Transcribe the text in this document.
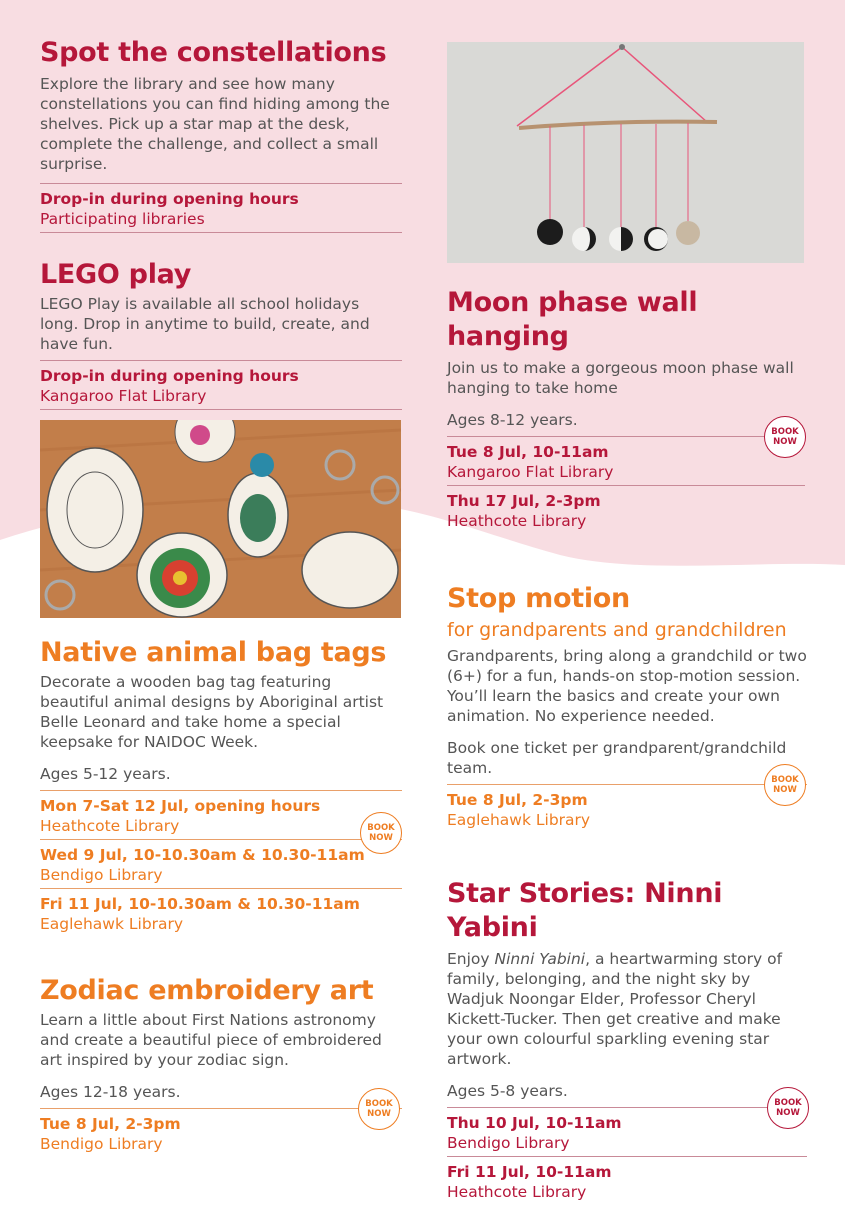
Spot the constellations

Explore the library and see how many constellations you can find hiding among the shelves. Pick up a star map at the desk, complete the challenge, and collect a small surprise.

Drop-in during opening hours
Participating libraries
LEGO play

LEGO Play is available all school holidays long. Drop in anytime to build, create, and have fun.

Drop-in during opening hours
Kangaroo Flat Library
Native animal bag tags

Decorate a wooden bag tag featuring beautiful animal designs by Aboriginal artist Belle Leonard and take home a special keepsake for NAIDOC Week.

Ages 5-12 years.

Mon 7-Sat 12 Jul, opening hours
Heathcote Library
Wed 9 Jul, 10-10.30am & 10.30-11am
Bendigo Library
Fri 11 Jul, 10-10.30am & 10.30-11am
Eaglehawk Library
BOOK
NOW
Zodiac embroidery art

Learn a little about First Nations astronomy and create a beautiful piece of embroidered art inspired by your zodiac sign.

Ages 12-18 years.

Tue 8 Jul, 2-3pm
Bendigo Library
BOOK
NOW
Moon phase wall
hanging

Join us to make a gorgeous moon phase wall hanging to take home

Ages 8-12 years.

Tue 8 Jul, 10-11am
Kangaroo Flat Library
Thu 17 Jul, 2-3pm
Heathcote Library
BOOK
NOW
Stop motion

for grandparents and grandchildren

Grandparents, bring along a grandchild or two (6+) for a fun, hands-on stop-motion session. You’ll learn the basics and create your own animation. No experience needed.

Book one ticket per grandparent/grandchild team.

Tue 8 Jul, 2-3pm
Eaglehawk Library
BOOK
NOW
Star Stories: Ninni Yabini

Enjoy Ninni Yabini, a heartwarming story of family, belonging, and the night sky by Wadjuk Noongar Elder, Professor Cheryl Kickett-Tucker. Then get creative and make your own colourful sparkling evening star artwork.

Ages 5-8 years.

Thu 10 Jul, 10-11am
Bendigo Library
Fri 11 Jul, 10-11am
Heathcote Library
BOOK
NOW
